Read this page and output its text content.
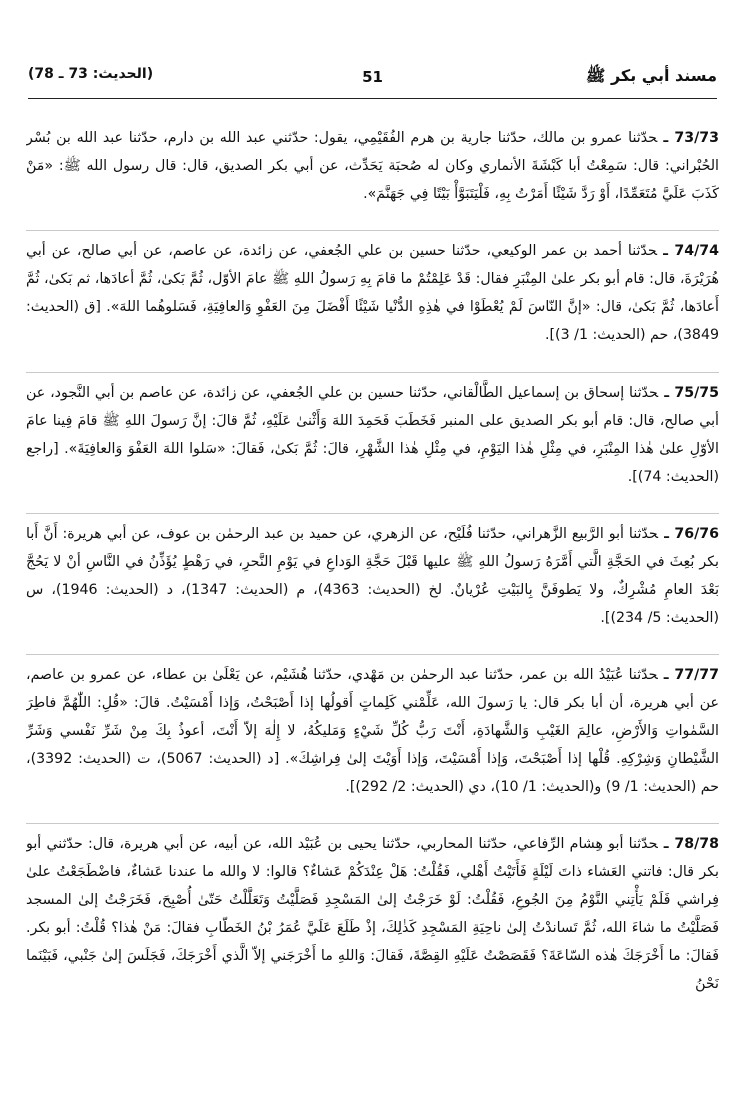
مسند أبي بكر ﷺ
51
(الحديث: 73 ـ 78)

73/73 ـحدّثنا عمرو بن مالك، حدّثنا جارية بن هرم الفُقَيْمِي، يقول: حدّثني عبد الله بن دارم، حدّثنا عبد الله بن بُسْر الحُبْراني: قال: سَمِعْتُ أبا كَبْشَةَ الأنماري وكان له صُحبَة يَحَدِّث، عن أبي بكر الصديق، قال: قال رسول الله ﷺ: «مَنْ كَذَبَ عَلَيَّ مُتَعَمِّدًا، أَوْ رَدَّ شَيْئًا أَمَرْتُ بِهِ، فَلْيَتَبَوَّأْ بَيْتًا فِي جَهَنَّمَ».

74/74 ـحدّثنا أحمد بن عمر الوكيعي، حدّثنا حسين بن علي الجُعفي، عن زائدة، عن عاصم، عن أبي صالح، عن أبي هُرَيْرَةَ، قال: قام أبو بكر علىٰ المِنْبَرِ فقال: قَدْ عَلِمْتُمْ ما قامَ بِهِ رَسولُ اللهِ ﷺ عامَ الأوّل، ثُمَّ بَكىٰ، ثُمَّ أعادَها، ثم بَكىٰ، ثُمَّ أَعادَها، ثُمَّ بَكىٰ، قال: «إنَّ النّاسَ لَمْ يُعْطَوْا في هٰذِهِ الدُّنْيا شَيْئًا أَفْضَلَ مِنَ العَفْوِ وَالعافِيَةِ، فَسَلوهُما اللهَ». [ق (الحديث: 3849)، حم (الحديث: 1/ 3)].

75/75 ـحدّثنا إسحاق بن إسماعيل الطَّالْقاني، حدّثنا حسين بن علي الجُعفي، عن زائدة، عن عاصم بن أبي النَّجود، عن أبي صالح، قال: قام أبو بكر الصديق على المنبر فَخَطَبَ فَحَمِدَ اللهَ وَأَثْنىٰ عَلَيْهِ، ثُمَّ قالَ: إنَّ رَسولَ اللهِ ﷺ قامَ فِينا عامَ الأوّلِ علىٰ هٰذا المِنْبَرِ، في مِثْلِ هٰذا اليَوْمِ، في مِثْلِ هٰذا الشَّهْرِ، قالَ: ثُمَّ بَكىٰ، فَقالَ: «سَلوا اللهَ العَفْوَ وَالعافِيَةَ». [راجع (الحديث: 74)].

76/76 ـحدّثنا أبو الرَّبيع الزَّهراني، حدّثنا فُلَيْح، عن الزهري، عن حميد بن عبد الرحمٰن بن عوف، عن أبي هريرة: أَنَّ أَبا بكر بُعِثَ في الحَجَّةِ الَّتي أَمَّرَهُ رَسولُ اللهِ ﷺ عليها قَبْلَ حَجَّةِ الوَداعِ في يَوْمِ النَّحرِ، في رَهْطٍ يُؤَذِّنُ في النَّاسِ أنْ لا يَحُجَّ بَعْدَ العامِ مُشْرِكٌ، ولا يَطوفَنَّ بِالبَيْتِ عُرْيانٌ. لخ (الحديث: 4363)، م (الحديث: 1347)، د (الحديث: 1946)، س (الحديث: 5/ 234)].

77/77 ـحدّثنا عُبَيْدُ الله بن عمر، حدّثنا عبد الرحمٰن بن مَهْدي، حدّثنا هُشَيْم، عن يَعْلَىٰ بن عطاء، عن عمرو بن عاصم، عن أبي هريرة، أن أبا بكر قال: يا رَسولَ الله، عَلِّمْني كَلِماتٍ أَقولُها إذا أَصْبَحْتُ، وَإذا أَمْسَيْتُ. قالَ: «قُلِ: اللّٰهُمَّ فاطِرَ السَّمٰواتِ وَالأَرْضِ، عالِمَ الغَيْبِ وَالشَّهادَةِ، أَنْتَ رَبُّ كُلِّ شَيْءٍ وَمَليكُهُ، لا إِلٰهَ إلاّ أَنْتَ، أعوذُ بِكَ مِنْ شَرِّ نَفْسي وَشَرِّ الشَّيْطانِ وَشِرْكِهِ. قُلْها إذا أَصْبَحْتَ، وَإذا أَمْسَيْتَ، وَإذا أَوَيْتَ إلىٰ فِراشِكَ». [د (الحديث: 5067)، ت (الحديث: 3392)، حم (الحديث: 1/ 9) و(الحديث: 1/ 10)، دي (الحديث: 2/ 292)].

78/78 ـحدّثنا أبو هِشام الرِّفاعي، حدّثنا المحاربي، حدّثنا يحيى بن عُبَيْد الله، عن أبيه، عن أبي هريرة، قال: حدّثني أبو بكر قال: فاتني العَشاء ذاتَ لَيْلَةٍ فَأَتَيْتُ أَهْلي، فَقُلْتُ: هَلْ عِنْدَكُمْ عَشاءٌ؟ قالوا: لا والله ما عندنا عَشاءٌ، فاضْطَجَعْتُ علىٰ فِراشي فَلَمْ يَأْتِني النَّوْمُ مِنَ الجُوعِ، فَقُلْتُ: لَوْ خَرَجْتُ إلىٰ المَسْجِدِ فَصَلَّيْتُ وَتَعَلَّلْتُ حَتّىٰ أُصْبِحَ، فَخَرَجْتُ إلىٰ المسجد فَصَلَّيْتُ ما شاءَ الله، ثُمَّ تَساندْتُ إلىٰ ناحِيَةِ المَسْجِدِ كَذٰلِكَ، إذْ طَلَعَ عَلَيَّ عُمَرُ بْنُ الخَطّابِ فقالَ: مَنْ هٰذا؟ قُلْتُ: أبو بكر. فَقالَ: ما أَخْرَجَكَ هٰذه السّاعَةَ؟ فَقَصَصْتُ عَلَيْهِ القِصَّةَ، فَقالَ: وَاللهِ ما أَخْرَجَني إلاّ الَّذي أَخْرَجَكَ، فَجَلَسَ إلىٰ جَنْبي، فَبَيْنَما نَحْنُ
